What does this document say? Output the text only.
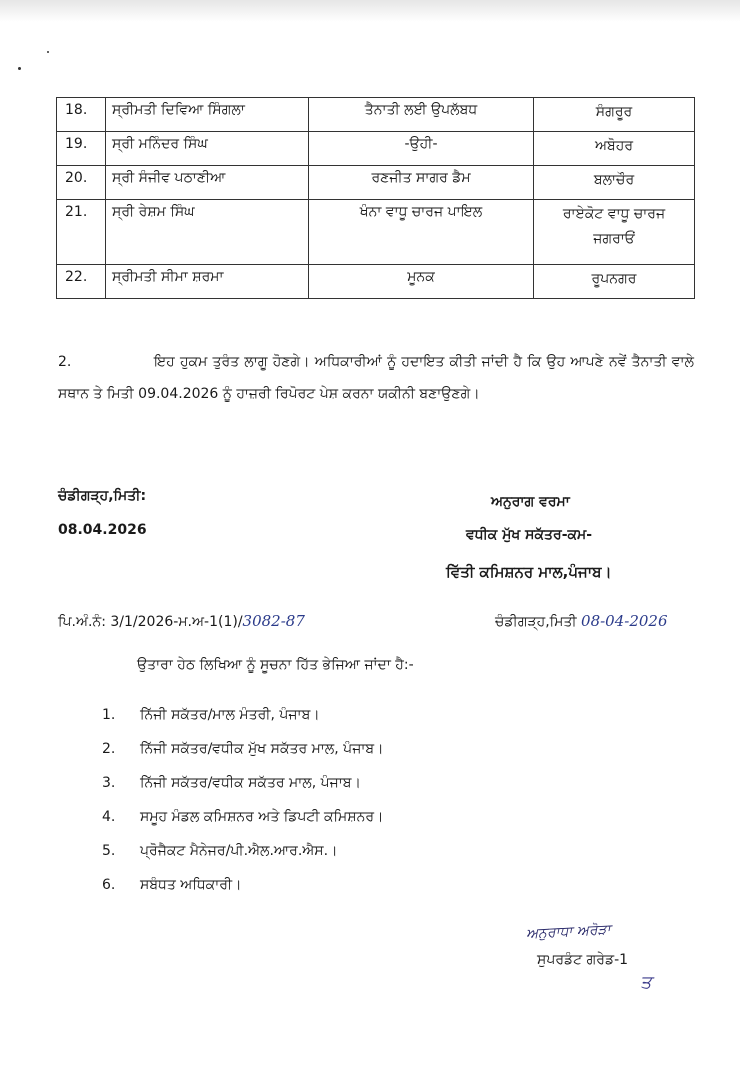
18.	ਸ੍ਰੀਮਤੀ ਦਿਵਿਆ ਸਿੰਗਲਾ	ਤੈਨਾਤੀ ਲਈ ਉਪਲੱਬਧ	ਸੰਗਰੂਰ

19.	ਸ੍ਰੀ ਮਨਿੰਦਰ ਸਿੰਘ	-ਉਹੀ-	ਅਬੋਹਰ

20.	ਸ੍ਰੀ ਸੰਜੀਵ ਪਠਾਣੀਆ	ਰਣਜੀਤ ਸਾਗਰ ਡੈਮ	ਬਲਾਚੌਰ

21.	ਸ੍ਰੀ ਰੇਸ਼ਮ ਸਿੰਘ	ਖੰਨਾ ਵਾਧੂ ਚਾਰਜ ਪਾਇਲ	ਰਾਏਕੋਟ ਵਾਧੂ ਚਾਰਜ
ਜਗਰਾਓਂ

22.	ਸ੍ਰੀਮਤੀ ਸੀਮਾ ਸ਼ਰਮਾ	ਮੂਨਕ	ਰੂਪਨਗਰ
2.	ਇਹ ਹੁਕਮ ਤੁਰੰਤ ਲਾਗੂ ਹੋਣਗੇ। ਅਧਿਕਾਰੀਆਂ ਨੂੰ ਹਦਾਇਤ ਕੀਤੀ ਜਾਂਦੀ ਹੈ ਕਿ ਉਹ ਆਪਣੇ ਨਵੇਂ ਤੈਨਾਤੀ ਵਾਲੇ ਸਥਾਨ ਤੇ ਮਿਤੀ 09.04.2026 ਨੂੰ ਹਾਜ਼ਰੀ ਰਿਪੋਰਟ ਪੇਸ਼ ਕਰਨਾ ਯਕੀਨੀ ਬਣਾਉਣਗੇ।
ਚੰਡੀਗੜ੍ਹ,ਮਿਤੀ:
08.04.2026
ਅਨੁਰਾਗ ਵਰਮਾ
ਵਧੀਕ ਮੁੱਖ ਸਕੱਤਰ-ਕਮ-
ਵਿੱਤੀ ਕਮਿਸ਼ਨਰ ਮਾਲ,ਪੰਜਾਬ।
ਪਿ.ਅੰ.ਨੰ: 3/1/2026-ਮ.ਅ-1(1)/3082-87	ਚੰਡੀਗੜ੍ਹ,ਮਿਤੀ 08-04-2026
ਉਤਾਰਾ ਹੇਠ ਲਿਖਿਆ ਨੂੰ ਸੂਚਨਾ ਹਿੱਤ ਭੇਜਿਆ ਜਾਂਦਾ ਹੈ:-
1.	ਨਿੱਜੀ ਸਕੱਤਰ/ਮਾਲ ਮੰਤਰੀ, ਪੰਜਾਬ।
2.	ਨਿੱਜੀ ਸਕੱਤਰ/ਵਧੀਕ ਮੁੱਖ ਸਕੱਤਰ ਮਾਲ, ਪੰਜਾਬ।
3.	ਨਿੱਜੀ ਸਕੱਤਰ/ਵਧੀਕ ਸਕੱਤਰ ਮਾਲ, ਪੰਜਾਬ।
4.	ਸਮੂਹ ਮੰਡਲ ਕਮਿਸ਼ਨਰ ਅਤੇ ਡਿਪਟੀ ਕਮਿਸ਼ਨਰ।
5.	ਪ੍ਰੋਜੈਕਟ ਮੈਨੇਜਰ/ਪੀ.ਐਲ.ਆਰ.ਐਸ.।
6.	ਸਬੰਧਤ ਅਧਿਕਾਰੀ।
ਅਨੁਰਾਧਾ ਅਰੋੜਾ
ਸੁਪਰਡੰਟ ਗਰੇਡ-1
ਤ
